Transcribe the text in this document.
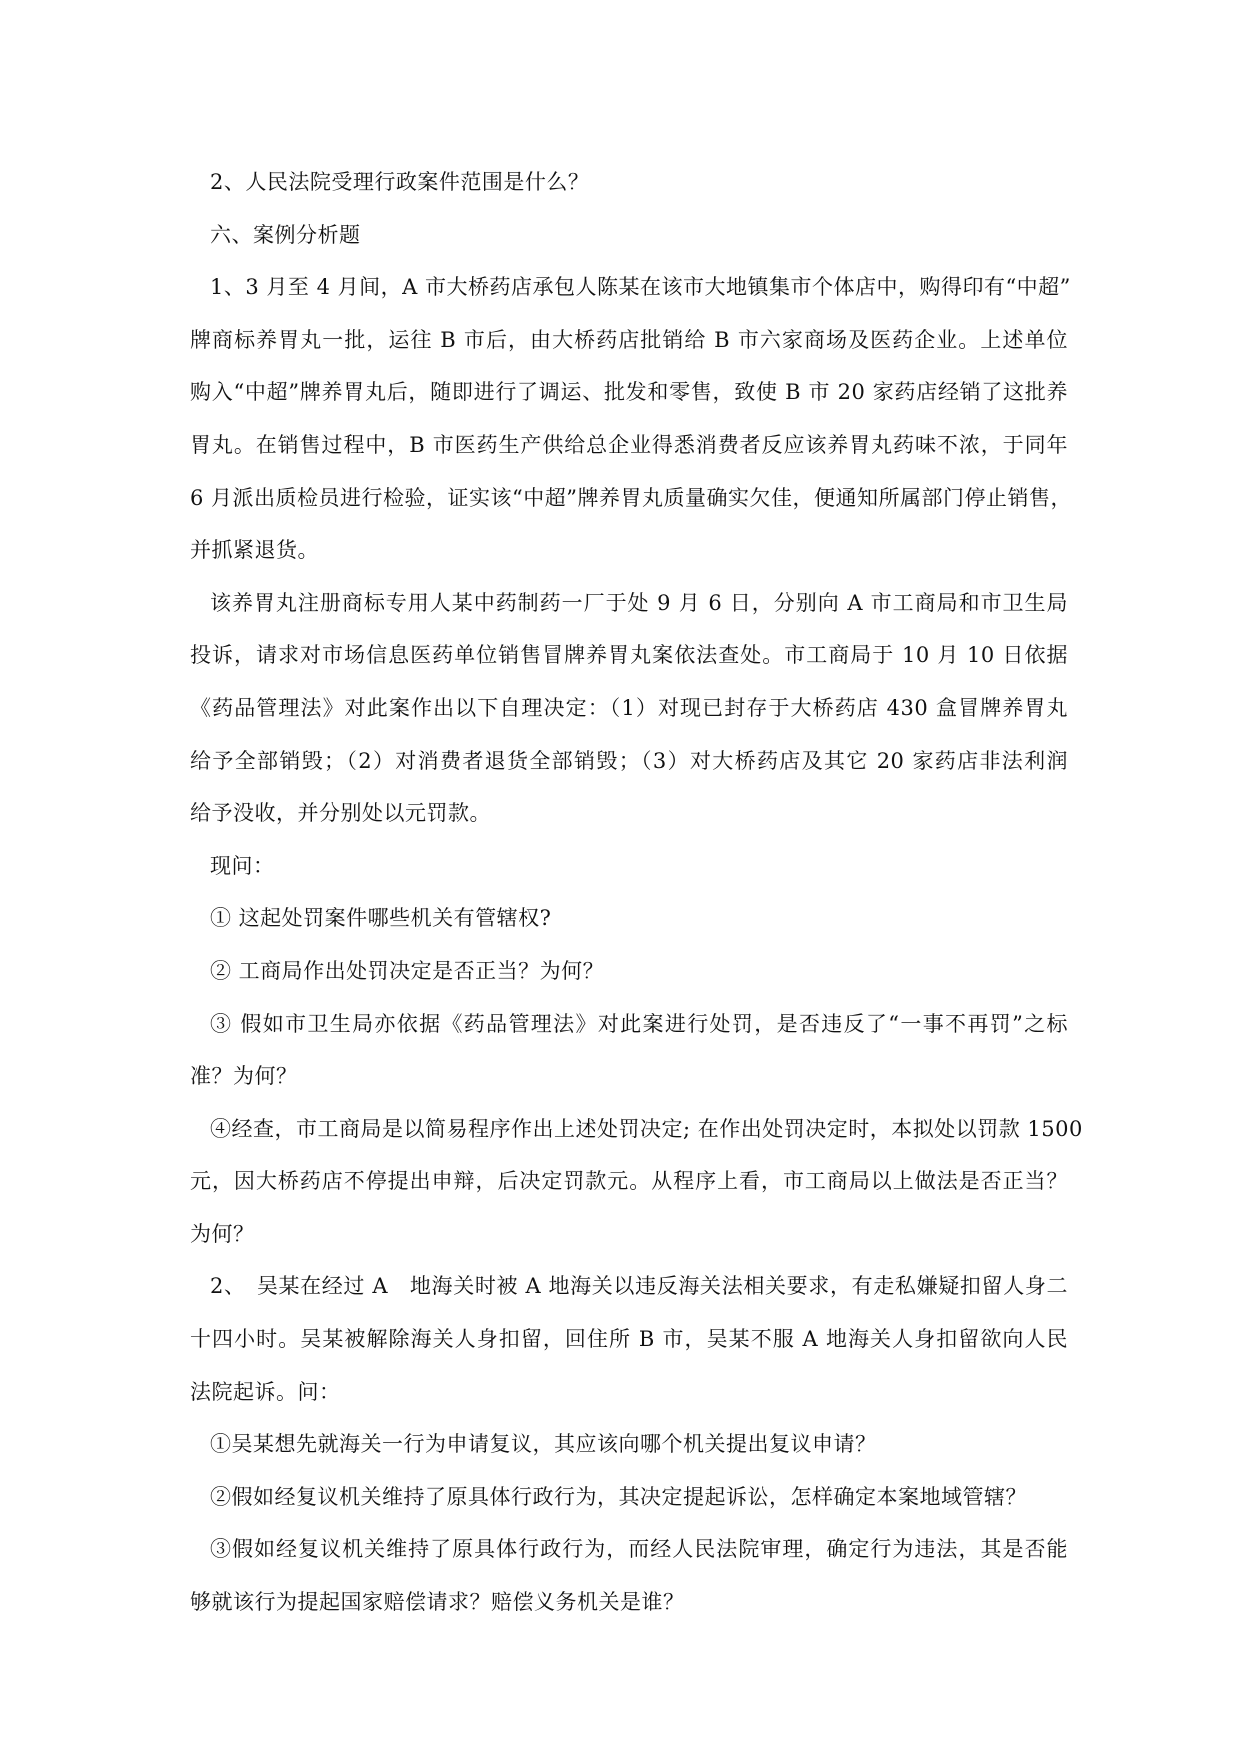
2、人民法院受理行政案件范围是什么？
六、案例分析题
1、3 月至 4 月间，A 市大桥药店承包人陈某在该市大地镇集市个体店中，购得印有“中超”
牌商标养胃丸一批，运往 B 市后，由大桥药店批销给 B 市六家商场及医药企业。上述单位
购入“中超”牌养胃丸后，随即进行了调运、批发和零售，致使 B 市 20 家药店经销了这批养
胃丸。在销售过程中，B 市医药生产供给总企业得悉消费者反应该养胃丸药味不浓，于同年
6 月派出质检员进行检验，证实该“中超”牌养胃丸质量确实欠佳，便通知所属部门停止销售，
并抓紧退货。
该养胃丸注册商标专用人某中药制药一厂于处 9 月 6 日，分别向 A 市工商局和市卫生局
投诉，请求对市场信息医药单位销售冒牌养胃丸案依法查处。市工商局于 10 月 10 日依据
《药品管理法》对此案作出以下自理决定：（1）对现已封存于大桥药店 430 盒冒牌养胃丸
给予全部销毁；（2）对消费者退货全部销毁；（3）对大桥药店及其它 20 家药店非法利润
给予没收，并分别处以元罚款。
现问：
① 这起处罚案件哪些机关有管辖权?
② 工商局作出处罚决定是否正当？为何？
③ 假如市卫生局亦依据《药品管理法》对此案进行处罚，是否违反了“一事不再罚”之标
准？为何？
④经查，市工商局是以简易程序作出上述处罚决定; 在作出处罚决定时，本拟处以罚款 1500
元，因大桥药店不停提出申辩，后决定罚款元。从程序上看，市工商局以上做法是否正当？
为何？
2、　吴某在经过 A　地海关时被 A 地海关以违反海关法相关要求，有走私嫌疑扣留人身二
十四小时。吴某被解除海关人身扣留，回住所 B 市，吴某不服 A 地海关人身扣留欲向人民
法院起诉。问：
①吴某想先就海关一行为申请复议，其应该向哪个机关提出复议申请？
②假如经复议机关维持了原具体行政行为，其决定提起诉讼，怎样确定本案地域管辖？
③假如经复议机关维持了原具体行政行为，而经人民法院审理，确定行为违法，其是否能
够就该行为提起国家赔偿请求？赔偿义务机关是谁？
